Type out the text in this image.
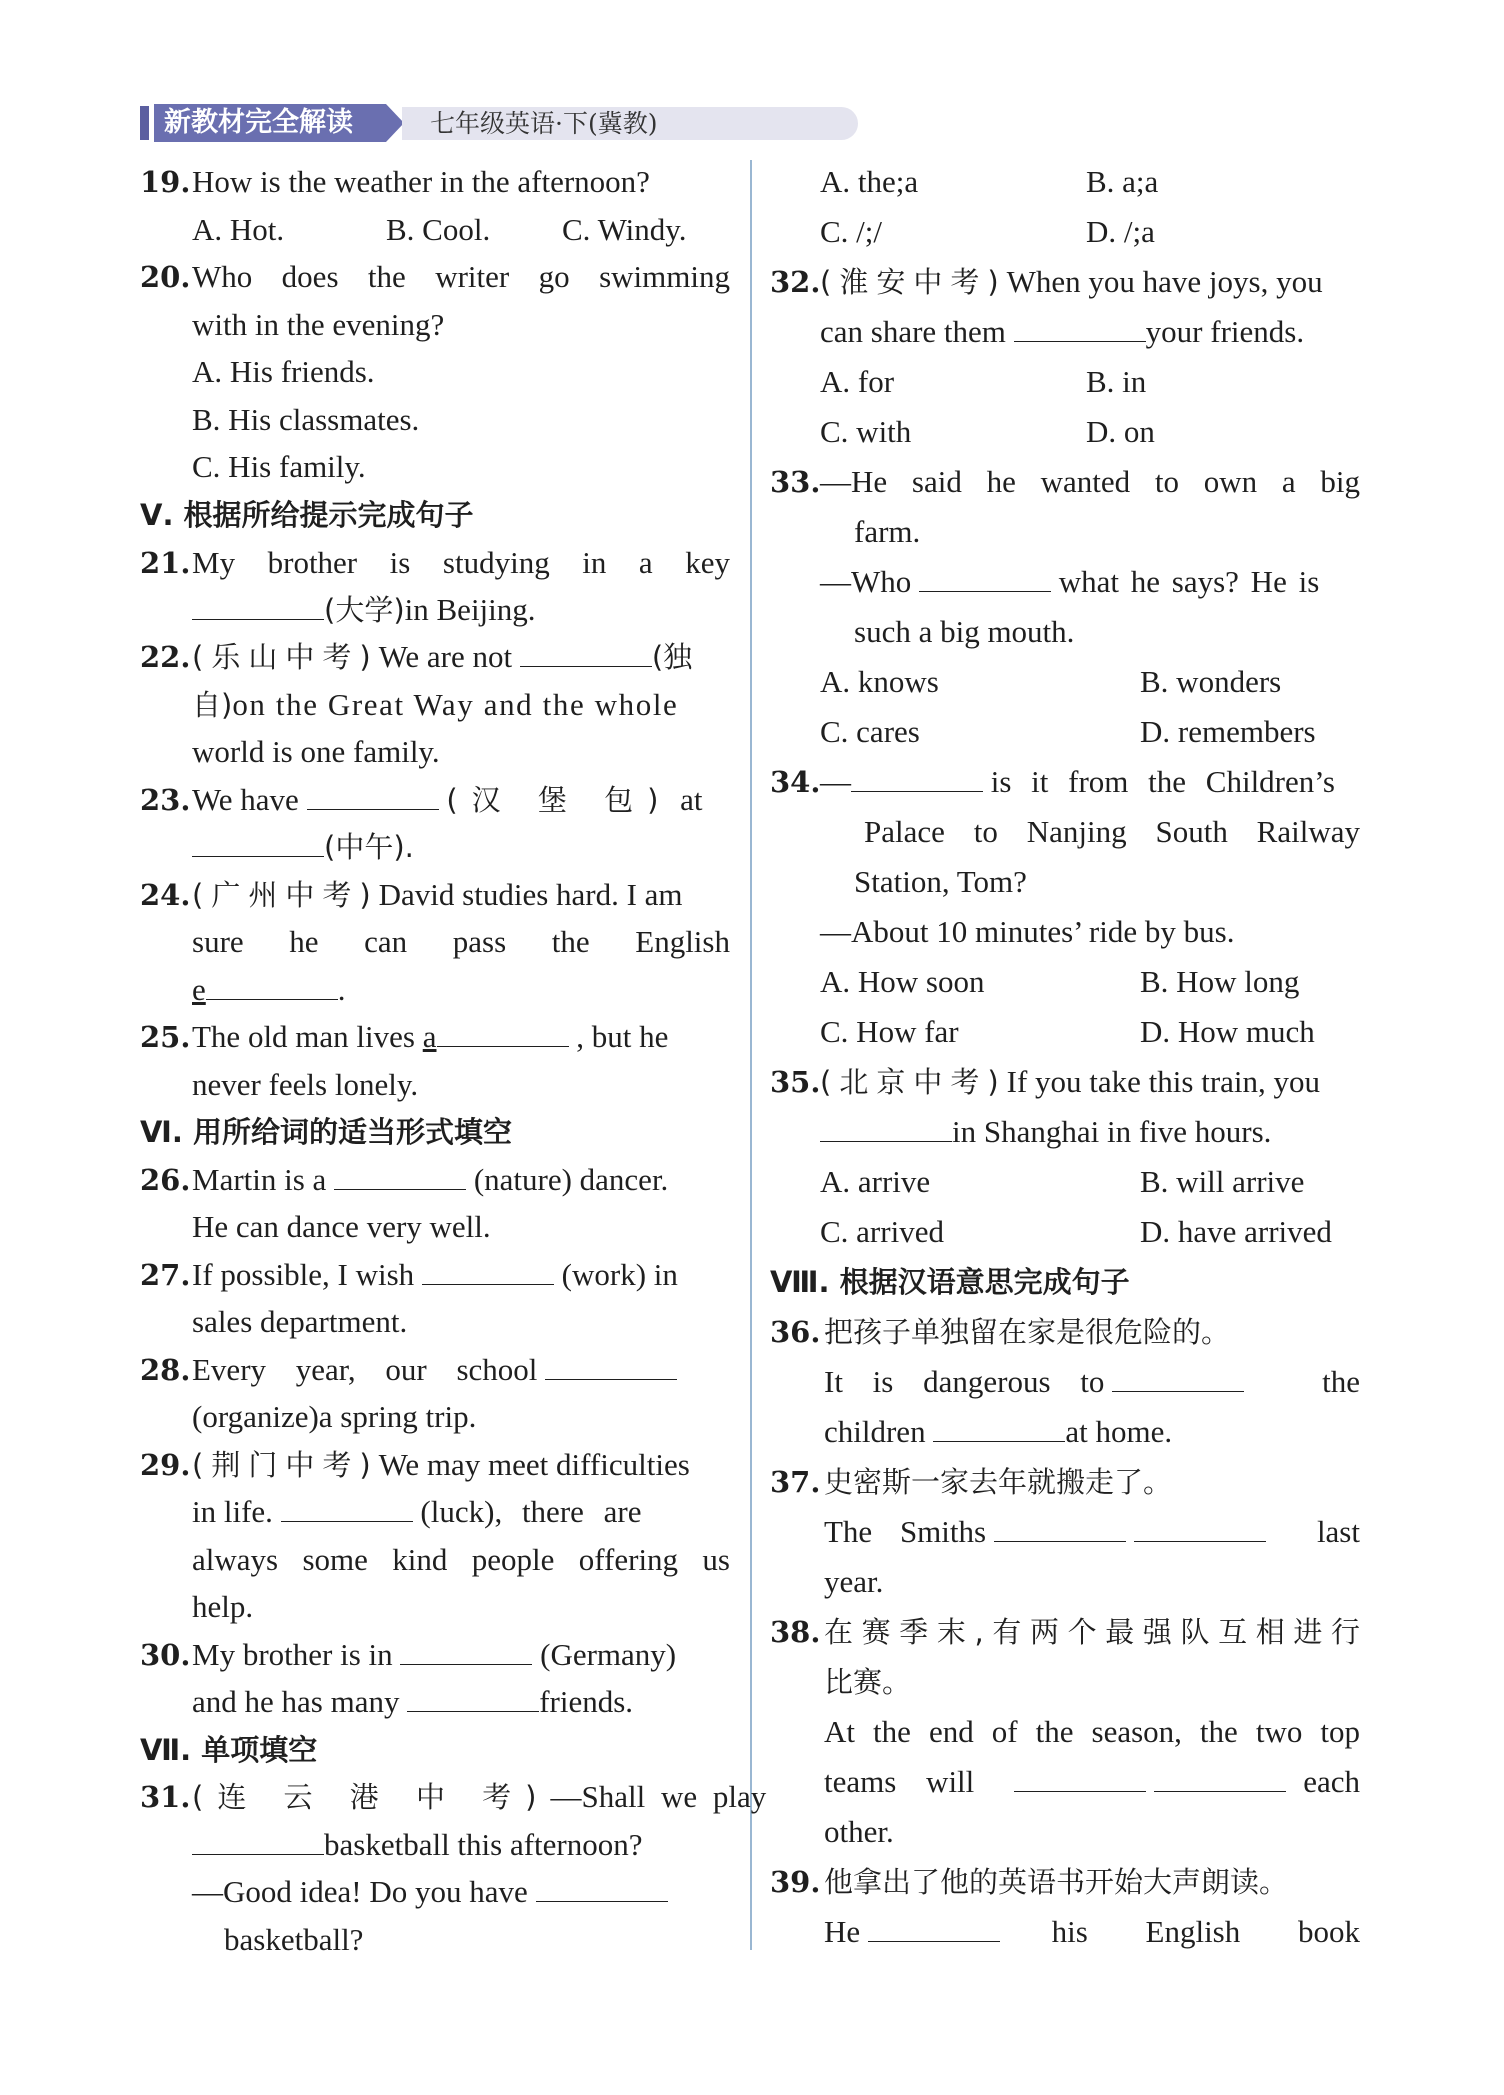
新教材完全解读	七年级英语·下(冀教)
19. How is the weather in the afternoon?
A. Hot.	B. Cool. C. Windy.
20. Who does the writer go swimming
with in the evening?
A. His friends.
B. His classmates.
C. His family.
Ⅴ. 根据所给提示完成句子
21. My brother is studying in a key
(大学)in Beijing.
22. (乐山中考)We are not	(独
自)on the Great Way and the whole
world is one family.
23. We have	(汉 堡 包) at
(中午).
24. (广州中考)David studies hard. I am
sure he can pass the English
e	.
25. The old man lives a	, but he
never feels lonely.
Ⅵ. 用所给词的适当形式填空
26. Martin is a	(nature) dancer.
He can dance very well.
27. If possible, I wish	(work) in
sales department.
28. Every year, our school
(organize)a spring trip.
29. (荆门中考)We may meet difficulties
in life.	(luck), there are
always some kind people offering us
help.
30. My brother is in	(Germany)
and he has many	friends.
Ⅶ. 单项填空
31. (连 云 港 中 考)—Shall we play
basketball this afternoon?
—Good idea! Do you have
basketball?
A. the;a	B. a;a
C. /;/	D. /;a
32. (淮安中考)When you have joys, you
can share them	your friends.
A. for	B. in
C. with	D. on
33. —He said he wanted to own a big
farm.
—Who	what he says? He is
such a big mouth.
A. knows	B. wonders
C. cares	D. remembers
34. —	is it from the Children’s
Palace to Nanjing South Railway
Station, Tom?
—About 10 minutes’ ride by bus.
A. How soon	B. How long
C. How far	D. How much
35. (北京中考)If you take this train, you
in Shanghai in five hours.
A. arrive	B. will arrive
C. arrived	D. have arrived
Ⅷ. 根据汉语意思完成句子
36. 把孩子单独留在家是很危险的。
It is dangerous to	the
children	at home.
37. 史密斯一家去年就搬走了。
The Smiths	last
year.
38. 在赛季末,有两个最强队互相进行
比赛。
At the end of the season, the two top
teams will	each
other.
39. 他拿出了他的英语书开始大声朗读。
He	his English book
